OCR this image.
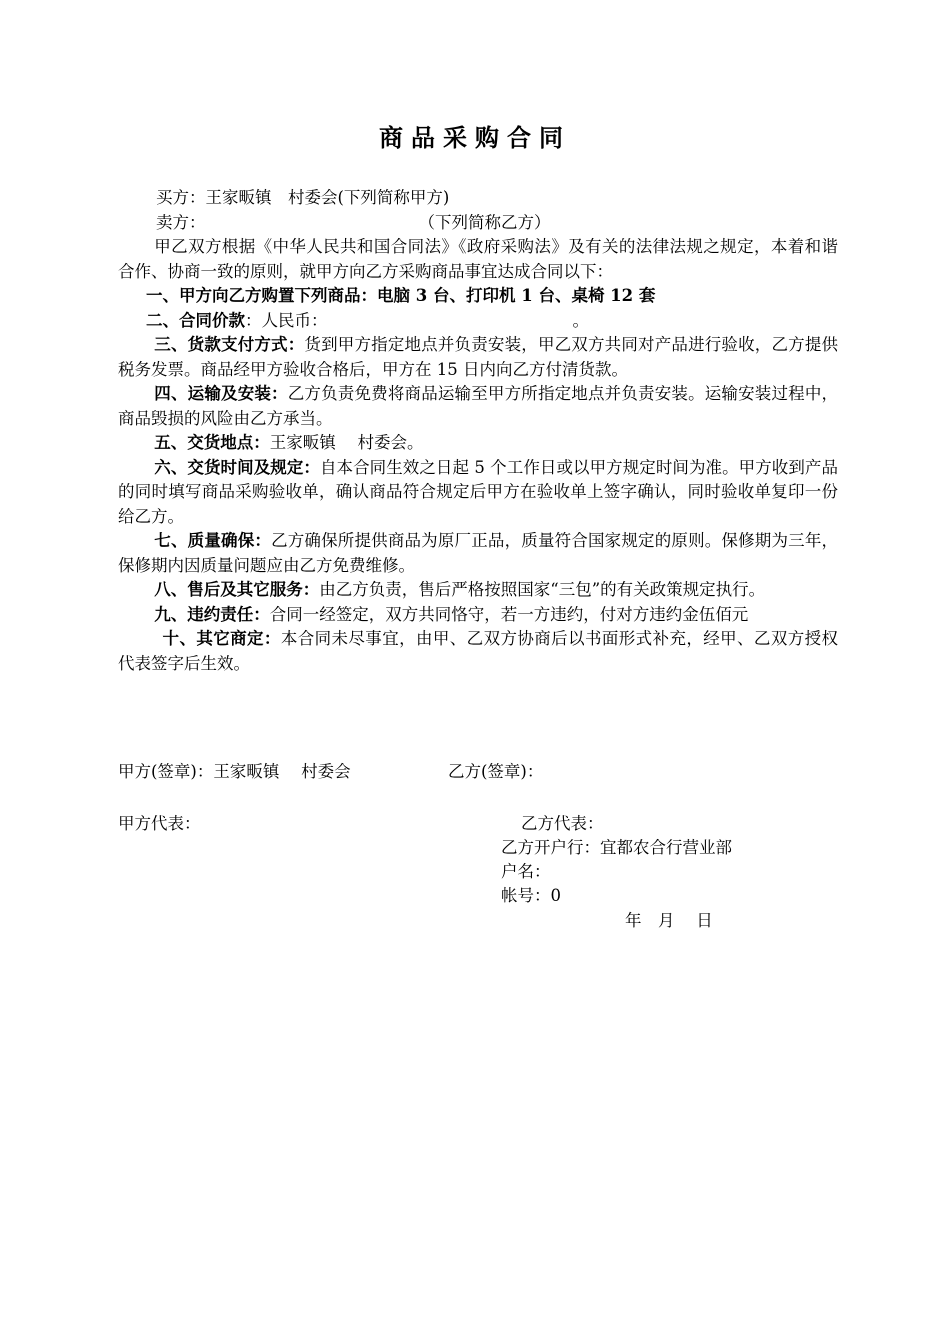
商品采购合同
买方：王家畈镇　村委会(下列简称甲方)
卖方：	（下列简称乙方）
甲乙双方根据《中华人民共和国合同法》《政府采购法》及有关的法律法规之规定，本着和谐合作、协商一致的原则，就甲方向乙方采购商品事宜达成合同以下：
一、甲方向乙方购置下列商品：电脑 3 台、打印机 1 台、桌椅 12 套
二、合同价款：人民币：	。
三、货款支付方式：货到甲方指定地点并负责安装，甲乙双方共同对产品进行验收，乙方提供税务发票。商品经甲方验收合格后，甲方在 15 日内向乙方付清货款。
四、运输及安装：乙方负责免费将商品运输至甲方所指定地点并负责安装。运输安装过程中，商品毁损的风险由乙方承当。
五、交货地点：王家畈镇　 村委会。
六、交货时间及规定：自本合同生效之日起 5 个工作日或以甲方规定时间为准。甲方收到产品的同时填写商品采购验收单，确认商品符合规定后甲方在验收单上签字确认，同时验收单复印一份给乙方。
七、质量确保：乙方确保所提供商品为原厂正品，质量符合国家规定的原则。保修期为三年，保修期内因质量问题应由乙方免费维修。
八、售后及其它服务：由乙方负责，售后严格按照国家“三包”的有关政策规定执行。
九、违约责任：合同一经签定，双方共同恪守，若一方违约，付对方违约金伍佰元
十、其它商定：本合同未尽事宜，由甲、乙双方协商后以书面形式补充，经甲、乙双方授权代表签字后生效。
甲方(签章)：王家畈镇　 村委会	乙方(签章)：
甲方代表：	乙方代表：
乙方开户行：宜都农合行营业部
户名：
帐号：0
年　月　 日
